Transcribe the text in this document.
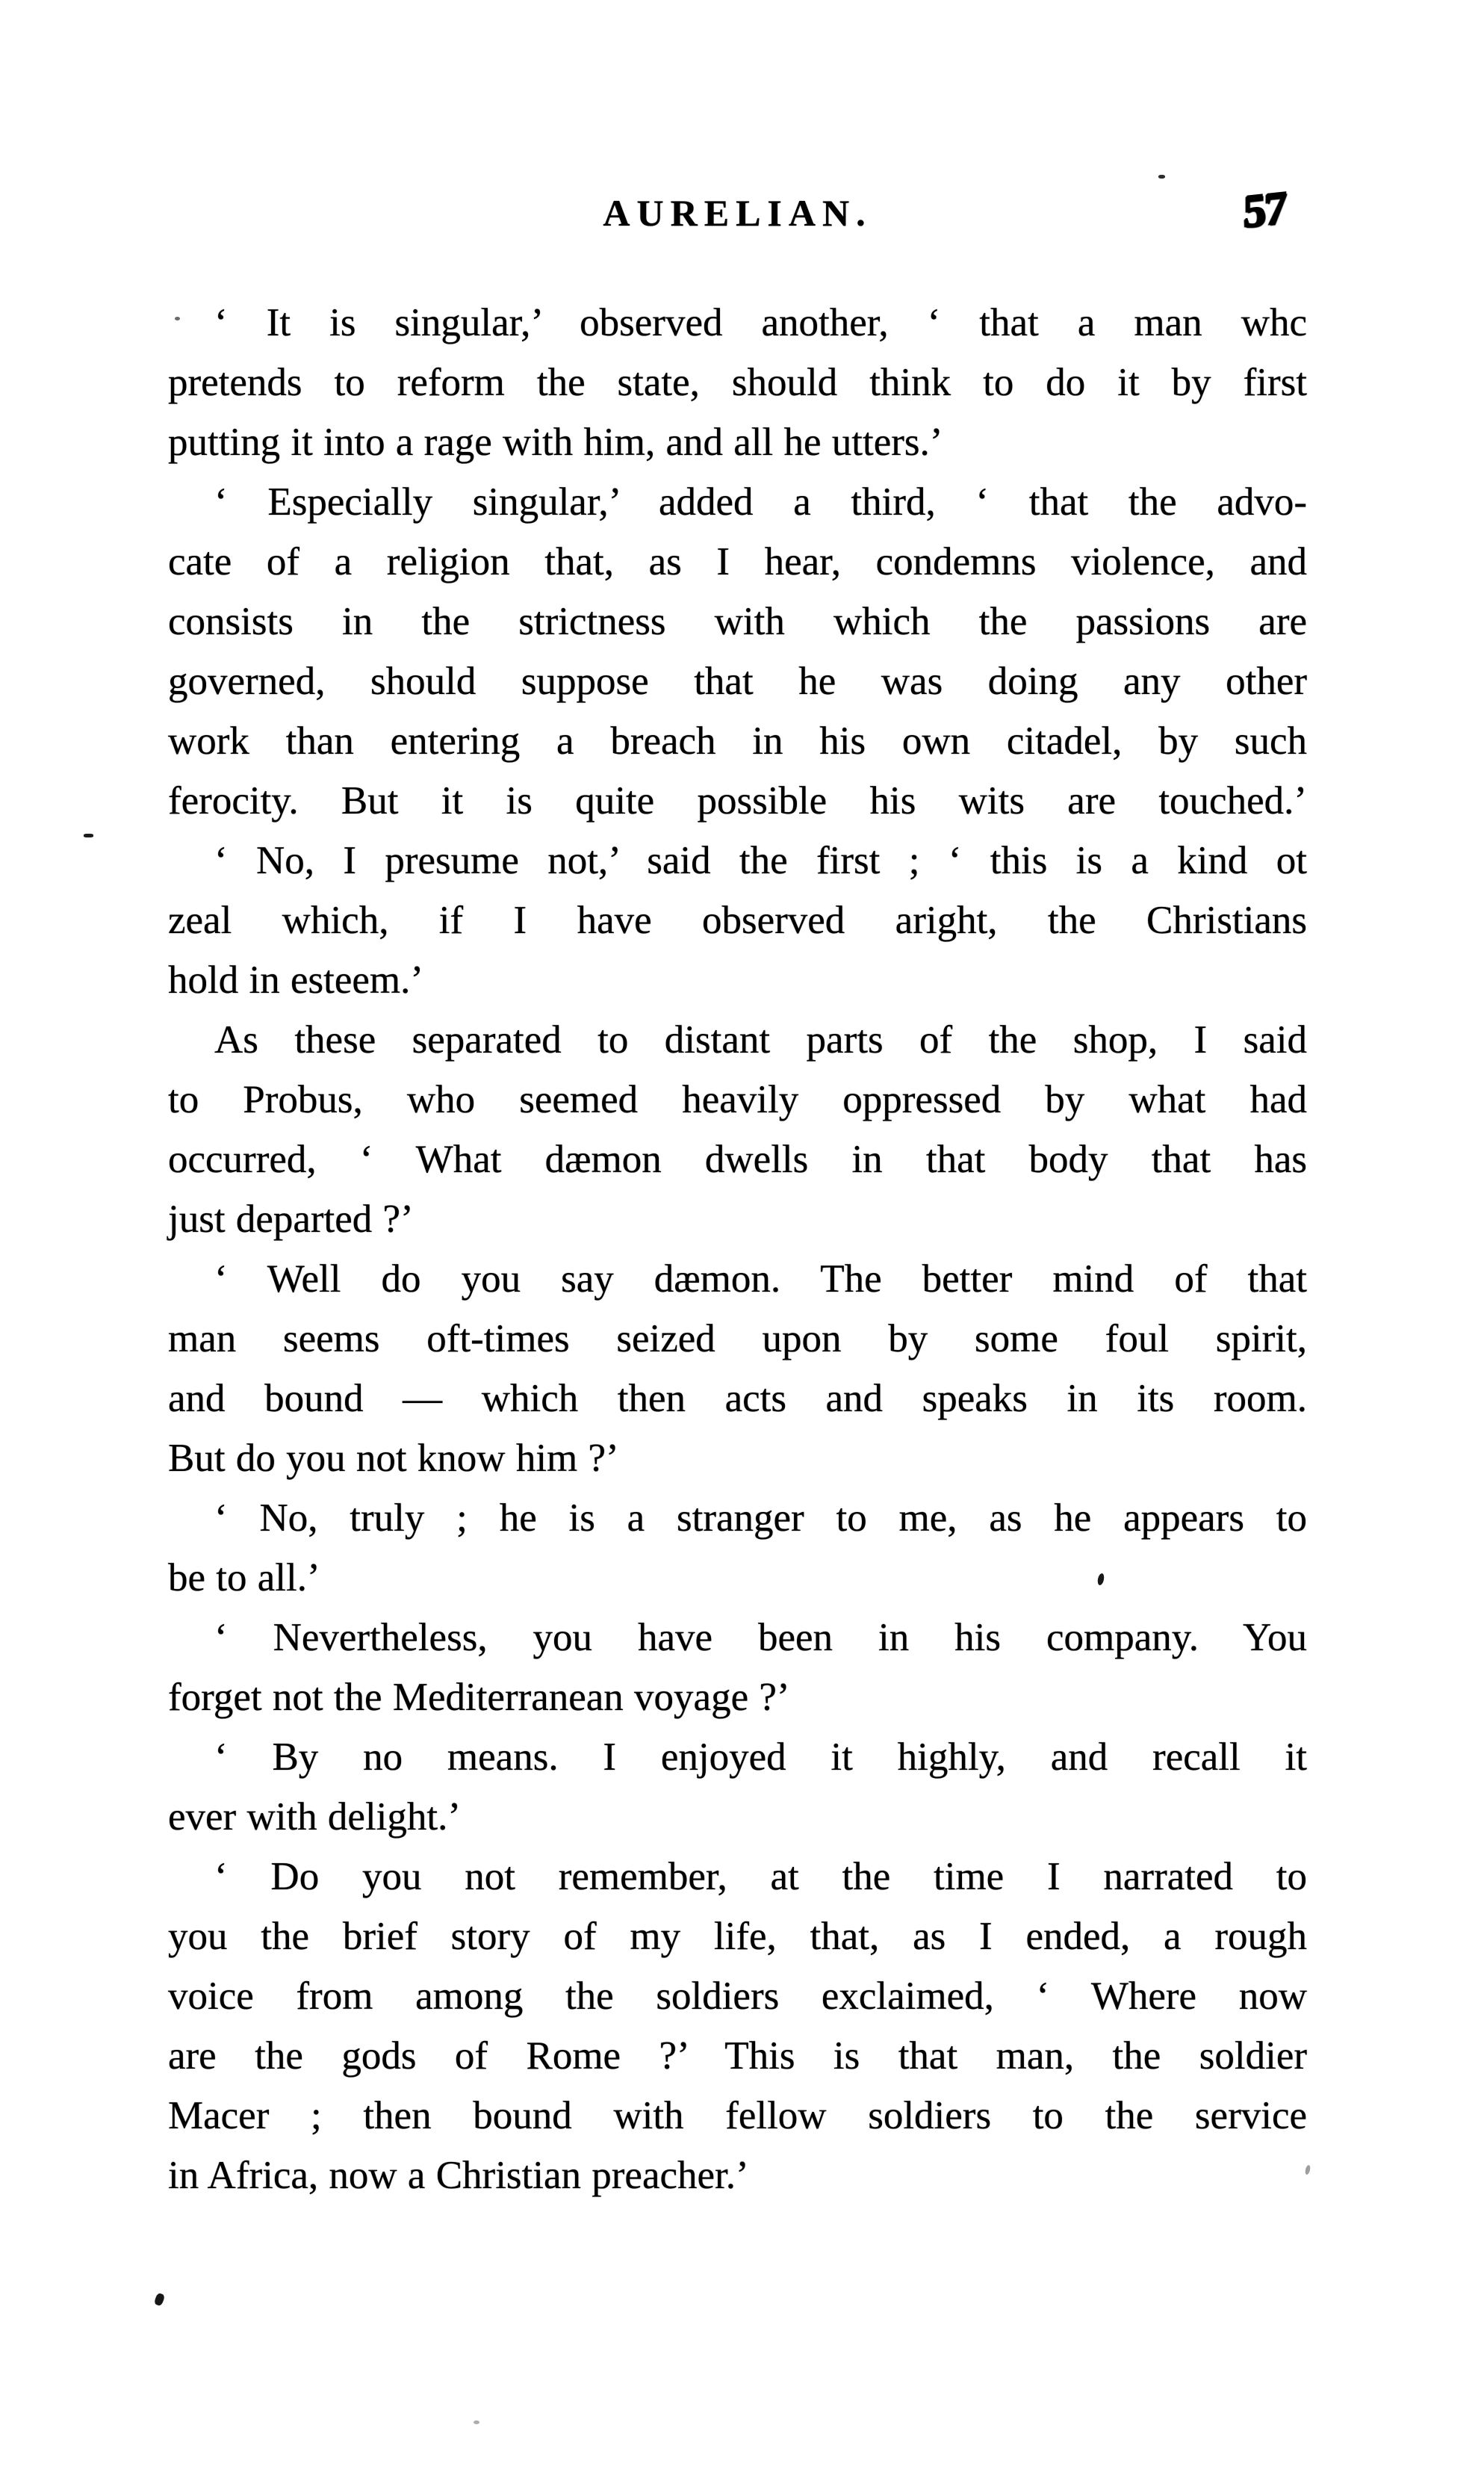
AURELIAN.	57
‘ It is singular,’ observed another, ‘ that a man whc
pretends to reform the state, should think to do it by first
putting it into a rage with him, and all he utters.’
‘ Especially singular,’ added a third, ‘ that the advo-
cate of a religion that, as I hear, condemns violence, and
consists in the strictness with which the passions are
governed, should suppose that he was doing any other
work than entering a breach in his own citadel, by such
ferocity. But it is quite possible his wits are touched.’
‘ No, I presume not,’ said the first ; ‘ this is a kind ot
zeal which, if I have observed aright, the Christians
hold in esteem.’
As these separated to distant parts of the shop, I said
to Probus, who seemed heavily oppressed by what had
occurred, ‘ What dæmon dwells in that body that has
just departed ?’
‘ Well do you say dæmon. The better mind of that
man seems oft-times seized upon by some foul spirit,
and bound — which then acts and speaks in its room.
But do you not know him ?’
‘ No, truly ; he is a stranger to me, as he appears to
be to all.’
‘ Nevertheless, you have been in his company. You
forget not the Mediterranean voyage ?’
‘ By no means. I enjoyed it highly, and recall it
ever with delight.’
‘ Do you not remember, at the time I narrated to
you the brief story of my life, that, as I ended, a rough
voice from among the soldiers exclaimed, ‘ Where now
are the gods of Rome ?’ This is that man, the soldier
Macer ; then bound with fellow soldiers to the service
in Africa, now a Christian preacher.’
